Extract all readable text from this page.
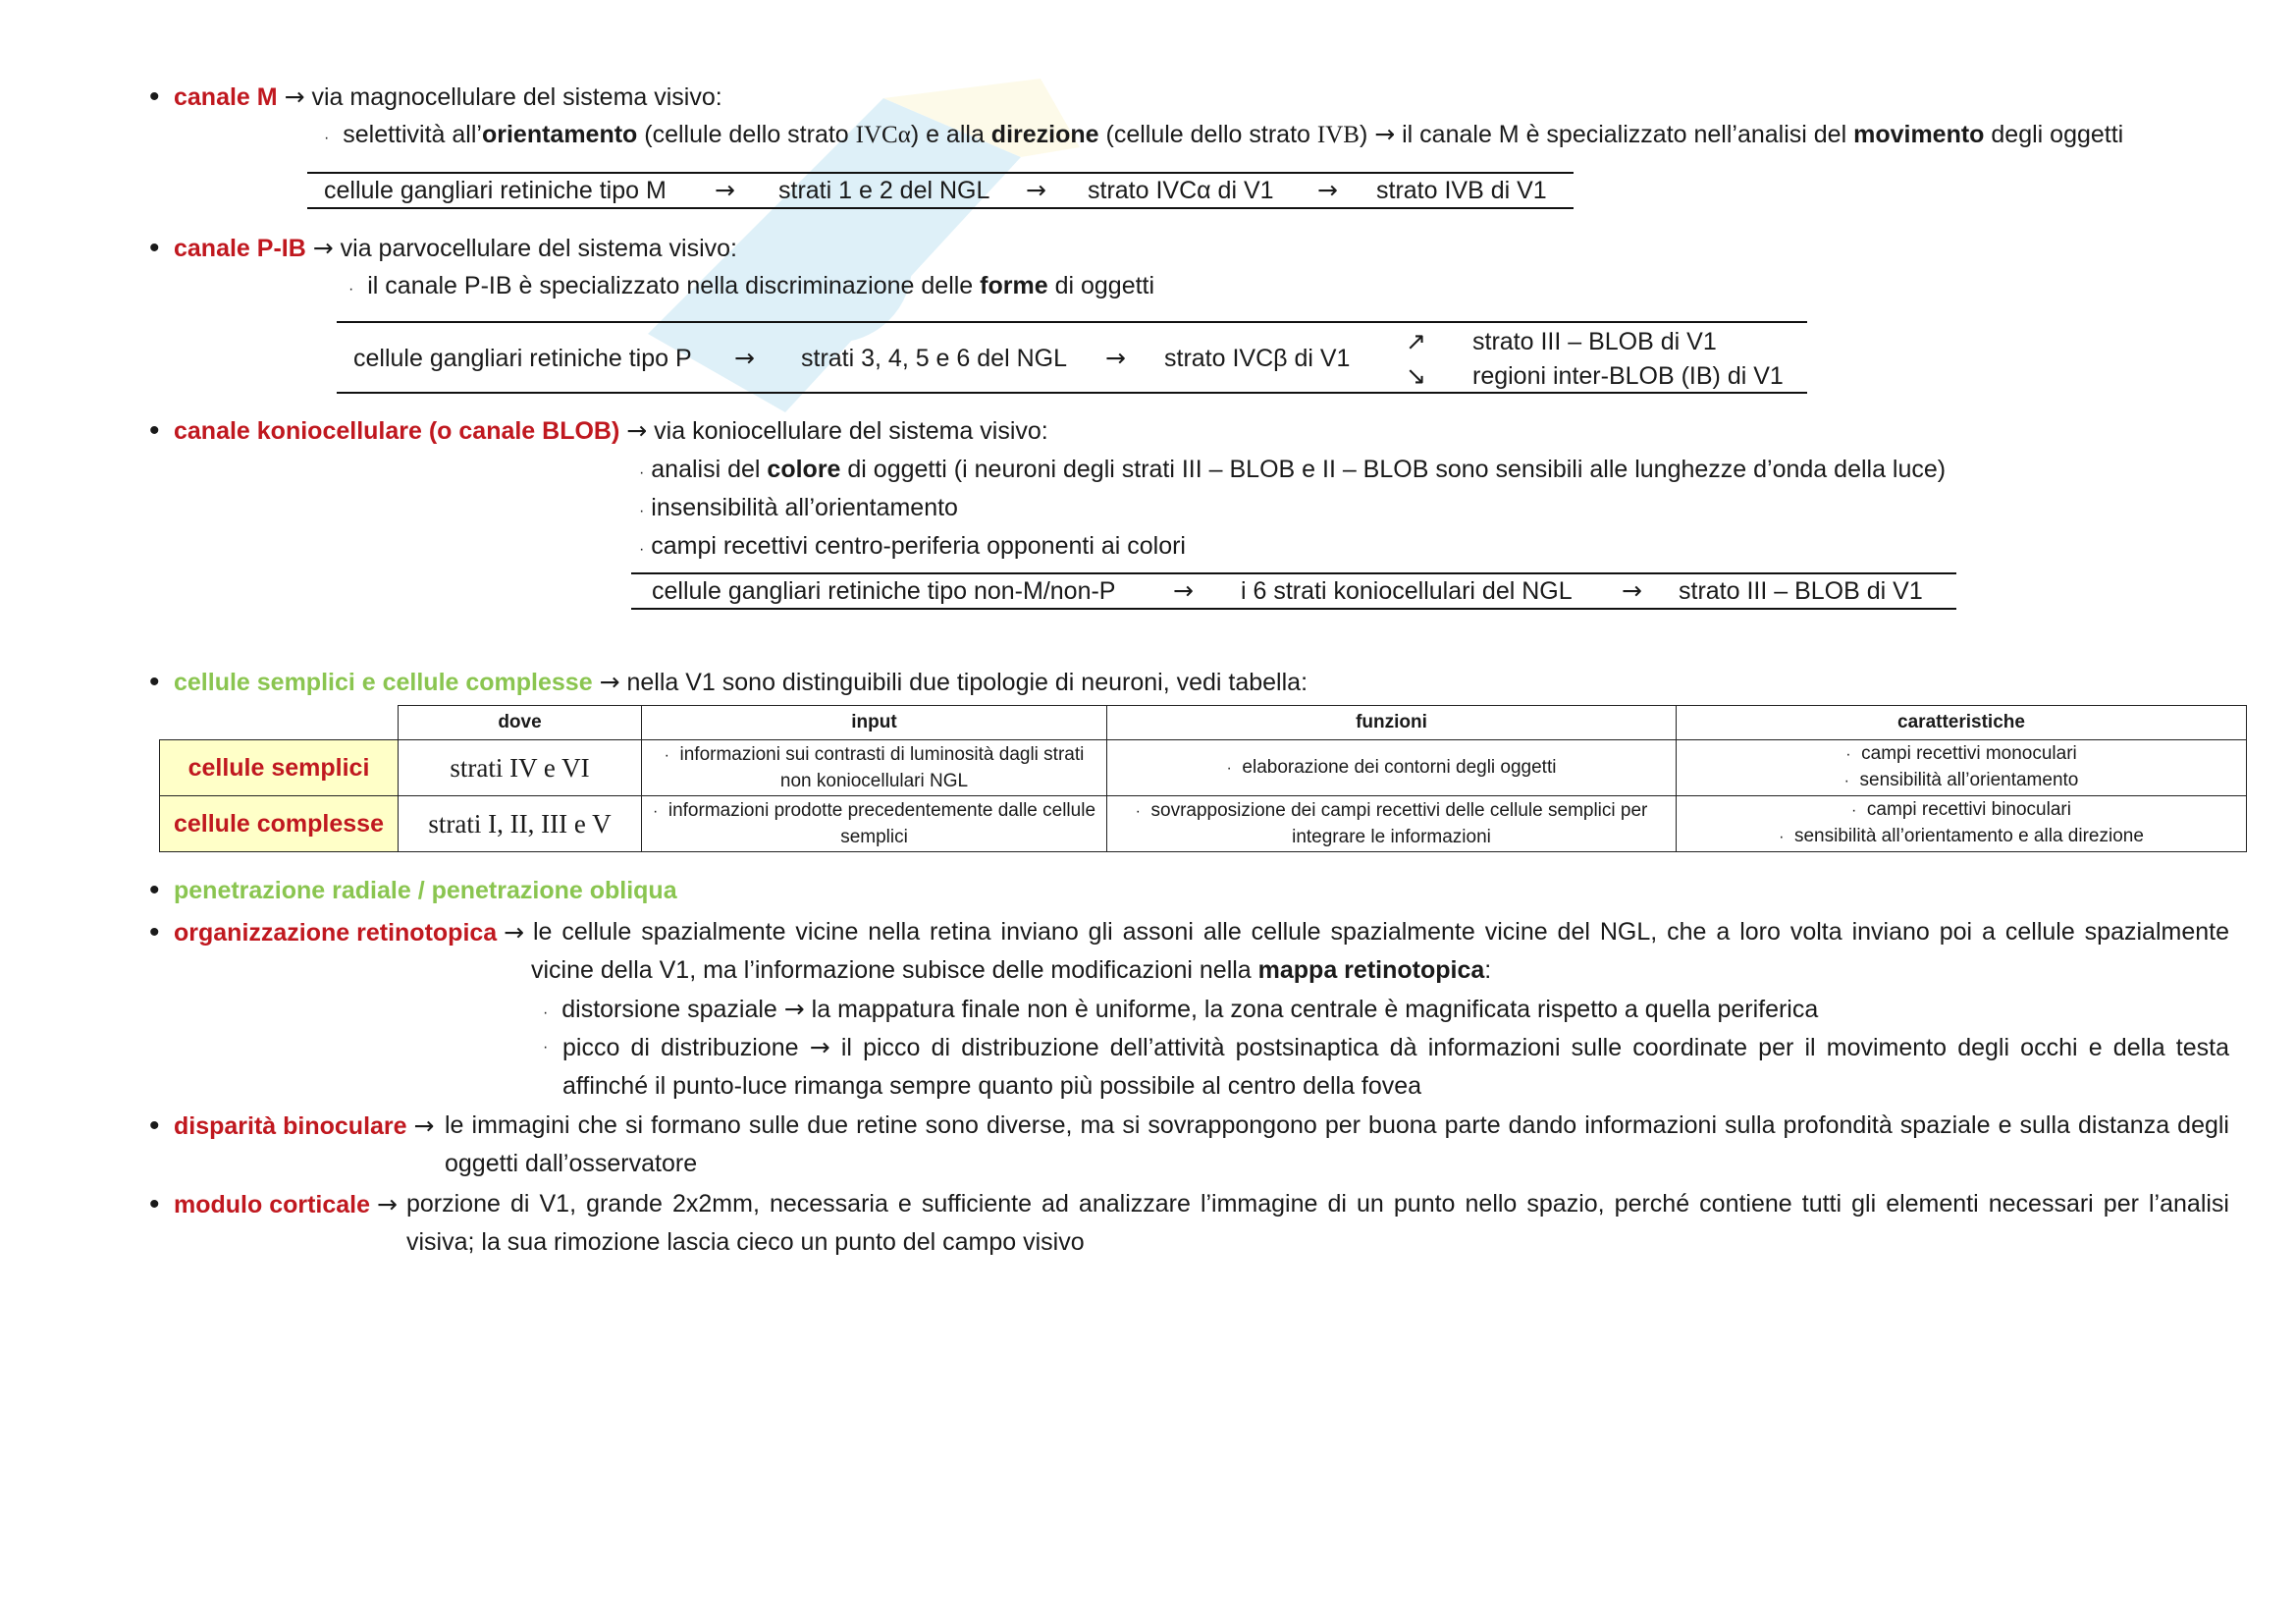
• canale M → via magnocellulare del sistema visivo:
· selettività all’orientamento (cellule dello strato IVCα) e alla direzione (cellule dello strato IVB) → il canale M è specializzato nell’analisi del movimento degli oggetti
cellule gangliari retiniche tipo M → strati 1 e 2 del NGL → strato IVCα di V1 → strato IVB di V1
• canale P-IB → via parvocellulare del sistema visivo:
· il canale P-IB è specializzato nella discriminazione delle forme di oggetti
cellule gangliari retiniche tipo P → strati 3, 4, 5 e 6 del NGL → strato IVCβ di V1
↗
↘
strato III – BLOB di V1
regioni inter-BLOB (IB) di V1
• canale koniocellulare (o canale BLOB) → via koniocellulare del sistema visivo:
· analisi del colore di oggetti (i neuroni degli strati III – BLOB e II – BLOB sono sensibili alle lunghezze d’onda della luce)
· insensibilità all’orientamento
· campi recettivi centro-periferia opponenti ai colori
cellule gangliari retiniche tipo non-M/non-P → i 6 strati koniocellulari del NGL → strato III – BLOB di V1
• cellule semplici e cellule complesse → nella V1 sono distinguibili due tipologie di neuroni, vedi tabella:
	dove	input	funzioni	caratteristiche
cellule semplici	strati IV e VI	· informazioni sui contrasti di luminosità dagli strati non koniocellulari NGL	· elaborazione dei contorni degli oggetti	· campi recettivi monoculari
· sensibilità all’orientamento

cellule complesse	strati I, II, III e V	· informazioni prodotte precedentemente dalle cellule semplici	· sovrapposizione dei campi recettivi delle cellule semplici per integrare le informazioni	· campi recettivi binoculari
· sensibilità all’orientamento e alla direzione
• penetrazione radiale / penetrazione obliqua
• organizzazione retinotopica → le cellule spazialmente vicine nella retina inviano gli assoni alle cellule spazialmente vicine del NGL, che a loro volta inviano poi a cellule spazialmente vicine della V1, ma l’informazione subisce delle modificazioni nella mappa retinotopica:
· distorsione spaziale → la mappatura finale non è uniforme, la zona centrale è magnificata rispetto a quella periferica
· picco di distribuzione → il picco di distribuzione dell’attività postsinaptica dà informazioni sulle coordinate per il movimento degli occhi e della testa affinché il punto-luce rimanga sempre quanto più possibile al centro della fovea
• disparità binoculare → le immagini che si formano sulle due retine sono diverse, ma si sovrappongono per buona parte dando informazioni sulla profondità spaziale e sulla distanza degli oggetti dall’osservatore
• modulo corticale → porzione di V1, grande 2x2mm, necessaria e sufficiente ad analizzare l’immagine di un punto nello spazio, perché contiene tutti gli elementi necessari per l’analisi visiva; la sua rimozione lascia cieco un punto del campo visivo
